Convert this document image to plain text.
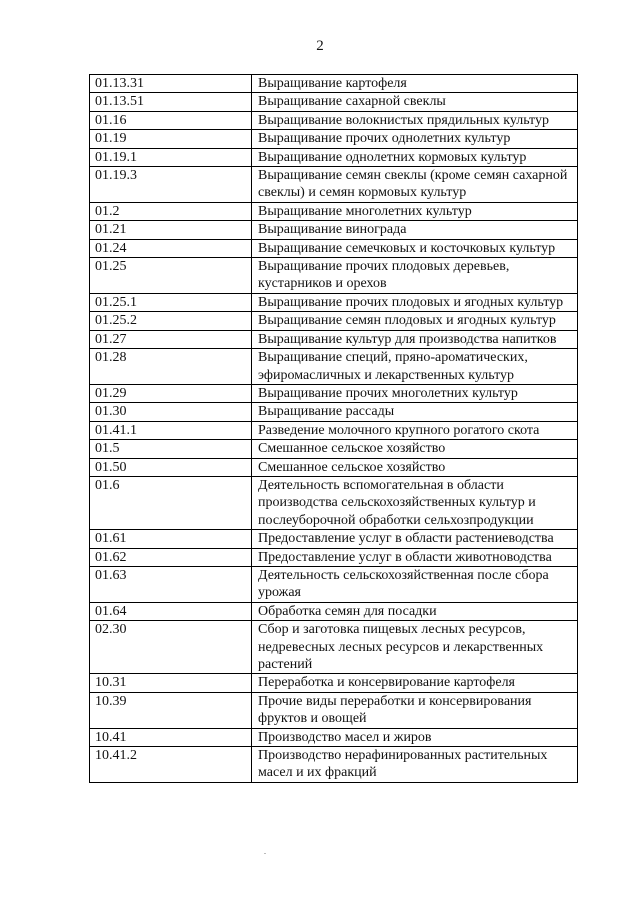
2
01.13.31	Выращивание картофеля
01.13.51	Выращивание сахарной свеклы
01.16	Выращивание волокнистых прядильных культур
01.19	Выращивание прочих однолетних культур
01.19.1	Выращивание однолетних кормовых культур
01.19.3	Выращивание семян свеклы (кроме семян сахарной свеклы) и семян кормовых культур
01.2	Выращивание многолетних культур
01.21	Выращивание винограда
01.24	Выращивание семечковых и косточковых культур
01.25	Выращивание прочих плодовых деревьев, кустарников и орехов
01.25.1	Выращивание прочих плодовых и ягодных культур
01.25.2	Выращивание семян плодовых и ягодных культур
01.27	Выращивание культур для производства напитков
01.28	Выращивание специй, пряно-ароматических, эфиромасличных и лекарственных культур
01.29	Выращивание прочих многолетних культур
01.30	Выращивание рассады
01.41.1	Разведение молочного крупного рогатого скота
01.5	Смешанное сельское хозяйство
01.50	Смешанное сельское хозяйство
01.6	Деятельность вспомогательная в области производства сельскохозяйственных культур и послеуборочной обработки сельхозпродукции
01.61	Предоставление услуг в области растениеводства
01.62	Предоставление услуг в области животноводства
01.63	Деятельность сельскохозяйственная после сбора урожая
01.64	Обработка семян для посадки
02.30	Сбор и заготовка пищевых лесных ресурсов, недревесных лесных ресурсов и лекарственных растений
10.31	Переработка и консервирование картофеля
10.39	Прочие виды переработки и консервирования фруктов и овощей
10.41	Производство масел и жиров
10.41.2	Производство нерафинированных растительных масел и их фракций
